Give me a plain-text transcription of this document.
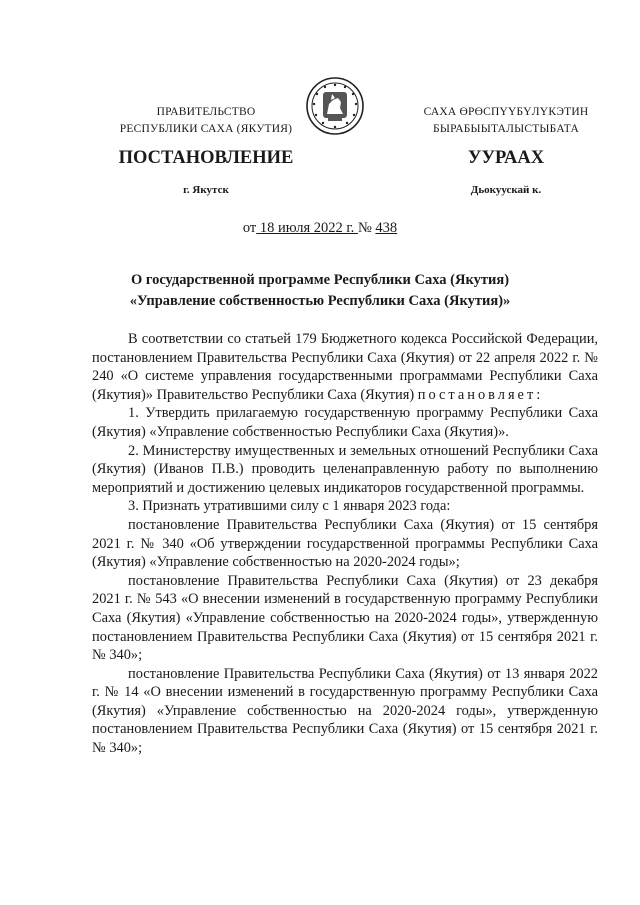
ПРАВИТЕЛЬСТВО
РЕСПУБЛИКИ САХА (ЯКУТИЯ)
САХА ӨРӨСПҮҮБҮЛҮКЭТИН
БЫРАБЫЫТАЛЫСТЫБАТА
ПОСТАНОВЛЕНИЕ	УУРААХ
г. Якутск	Дьокуускай к.
от 18 июля 2022 г. № 438
О государственной программе Республики Саха (Якутия)
«Управление собственностью Республики Саха (Якутия)»

В соответствии со статьей 179 Бюджетного кодекса Российской Федерации, постановлением Правительства Республики Саха (Якутия) от 22 апреля 2022 г. № 240 «О системе управления государственными программами Республики Саха (Якутия)» Правительство Республики Саха (Якутия) постановляет:

1. Утвердить прилагаемую государственную программу Республики Саха (Якутия) «Управление собственностью Республики Саха (Якутия)».

2. Министерству имущественных и земельных отношений Республики Саха (Якутия) (Иванов П.В.) проводить целенаправленную работу по выполнению мероприятий и достижению целевых индикаторов государственной программы.

3. Признать утратившими силу с 1 января 2023 года:

постановление Правительства Республики Саха (Якутия) от 15 сентября 2021 г. № 340 «Об утверждении государственной программы Республики Саха (Якутия) «Управление собственностью на 2020-2024 годы»;

постановление Правительства Республики Саха (Якутия) от 23 декабря 2021 г. № 543 «О внесении изменений в государственную программу Республики Саха (Якутия) «Управление собственностью на 2020-2024 годы», утвержденную постановлением Правительства Республики Саха (Якутия) от 15 сентября 2021 г. № 340»;

постановление Правительства Республики Саха (Якутия) от 13 января 2022 г. № 14 «О внесении изменений в государственную программу Республики Саха (Якутия) «Управление собственностью на 2020-2024 годы», утвержденную постановлением Правительства Республики Саха (Якутия) от 15 сентября 2021 г. № 340»;
